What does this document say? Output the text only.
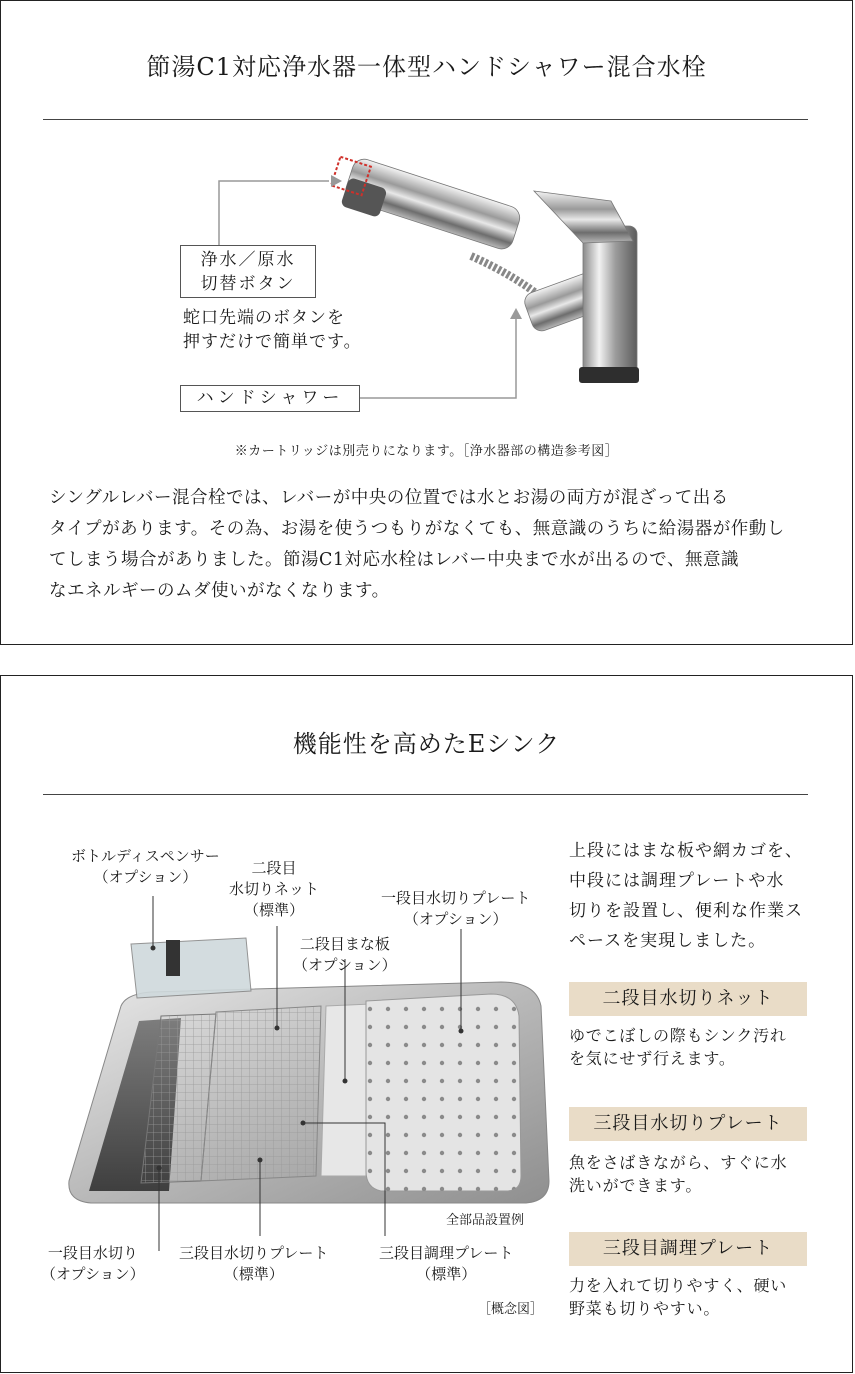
節湯C1対応浄水器一体型ハンドシャワー混合水栓
浄水／原水
切替ボタン
蛇口先端のボタンを
押すだけで簡単です。
ハンドシャワー
※カートリッジは別売りになります。［浄水器部の構造参考図］
シングルレバー混合栓では、レバーが中央の位置では水とお湯の両方が混ざって出る
タイプがあります。その為、お湯を使うつもりがなくても、無意識のうちに給湯器が作動し
てしまう場合がありました。節湯C1対応水栓はレバー中央まで水が出るので、無意識
なエネルギーのムダ使いがなくなります。
機能性を高めたEシンク
ボトルディスペンサー
（オプション）	二段目
水切りネット
（標準）
一段目水切りプレート
（オプション）
二段目まな板
（オプション）
全部品設置例
一段目水切り
（オプション）
三段目水切りプレート
（標準）
三段目調理プレート
（標準）
［概念図］
上段にはまな板や網カゴを、
中段には調理プレートや水
切りを設置し、便利な作業ス
ペースを実現しました。
二段目水切りネット
ゆでこぼしの際もシンク汚れ
を気にせず行えます。
三段目水切りプレート
魚をさばきながら、すぐに水
洗いができます。
三段目調理プレート
力を入れて切りやすく、硬い
野菜も切りやすい。
